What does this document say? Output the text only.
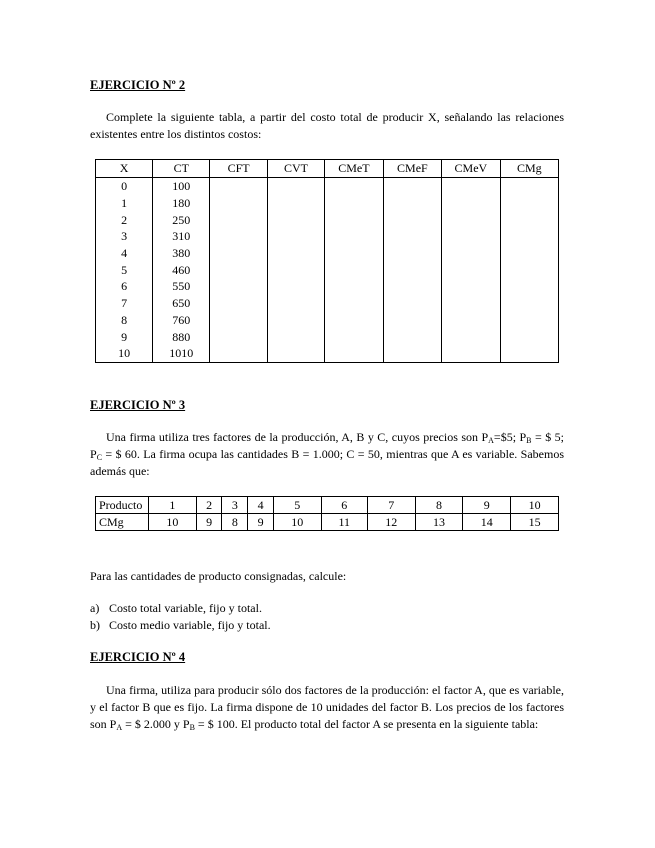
EJERCICIO Nº 2
Complete la siguiente tabla, a partir del costo total de producir X, señalando las relaciones existentes entre los distintos costos:
X	CT	CFT	CVT	CMeT	CMeF	CMeV	CMg
0	100						
1	180						
2	250						
3	310						
4	380						
5	460						
6	550						
7	650						
8	760						
9	880						
10	1010						
EJERCICIO Nº 3
Una firma utiliza tres factores de la producción, A, B y C, cuyos precios son $P_A=\$5$; $P_B$ = $ 5; $P_C$ = $ 60. La firma ocupa las cantidades B = 1.000; C = 50, mientras que A es variable. Sabemos además que:
Producto	1	2	3	4	5	6	7	8	9	10
CMg	10	9	8	9	10	11	12	13	14	15
Para las cantidades de producto consignadas, calcule:
a) Costo total variable, fijo y total.
b) Costo medio variable, fijo y total.
EJERCICIO Nº 4
Una firma, utiliza para producir sólo dos factores de la producción: el factor A, que es variable, y el factor B que es fijo. La firma dispone de 10 unidades del factor B. Los precios de los factores son $P_A$ = $ 2.000 y $P_B$ = $ 100. El producto total del factor A se presenta en la siguiente tabla:
